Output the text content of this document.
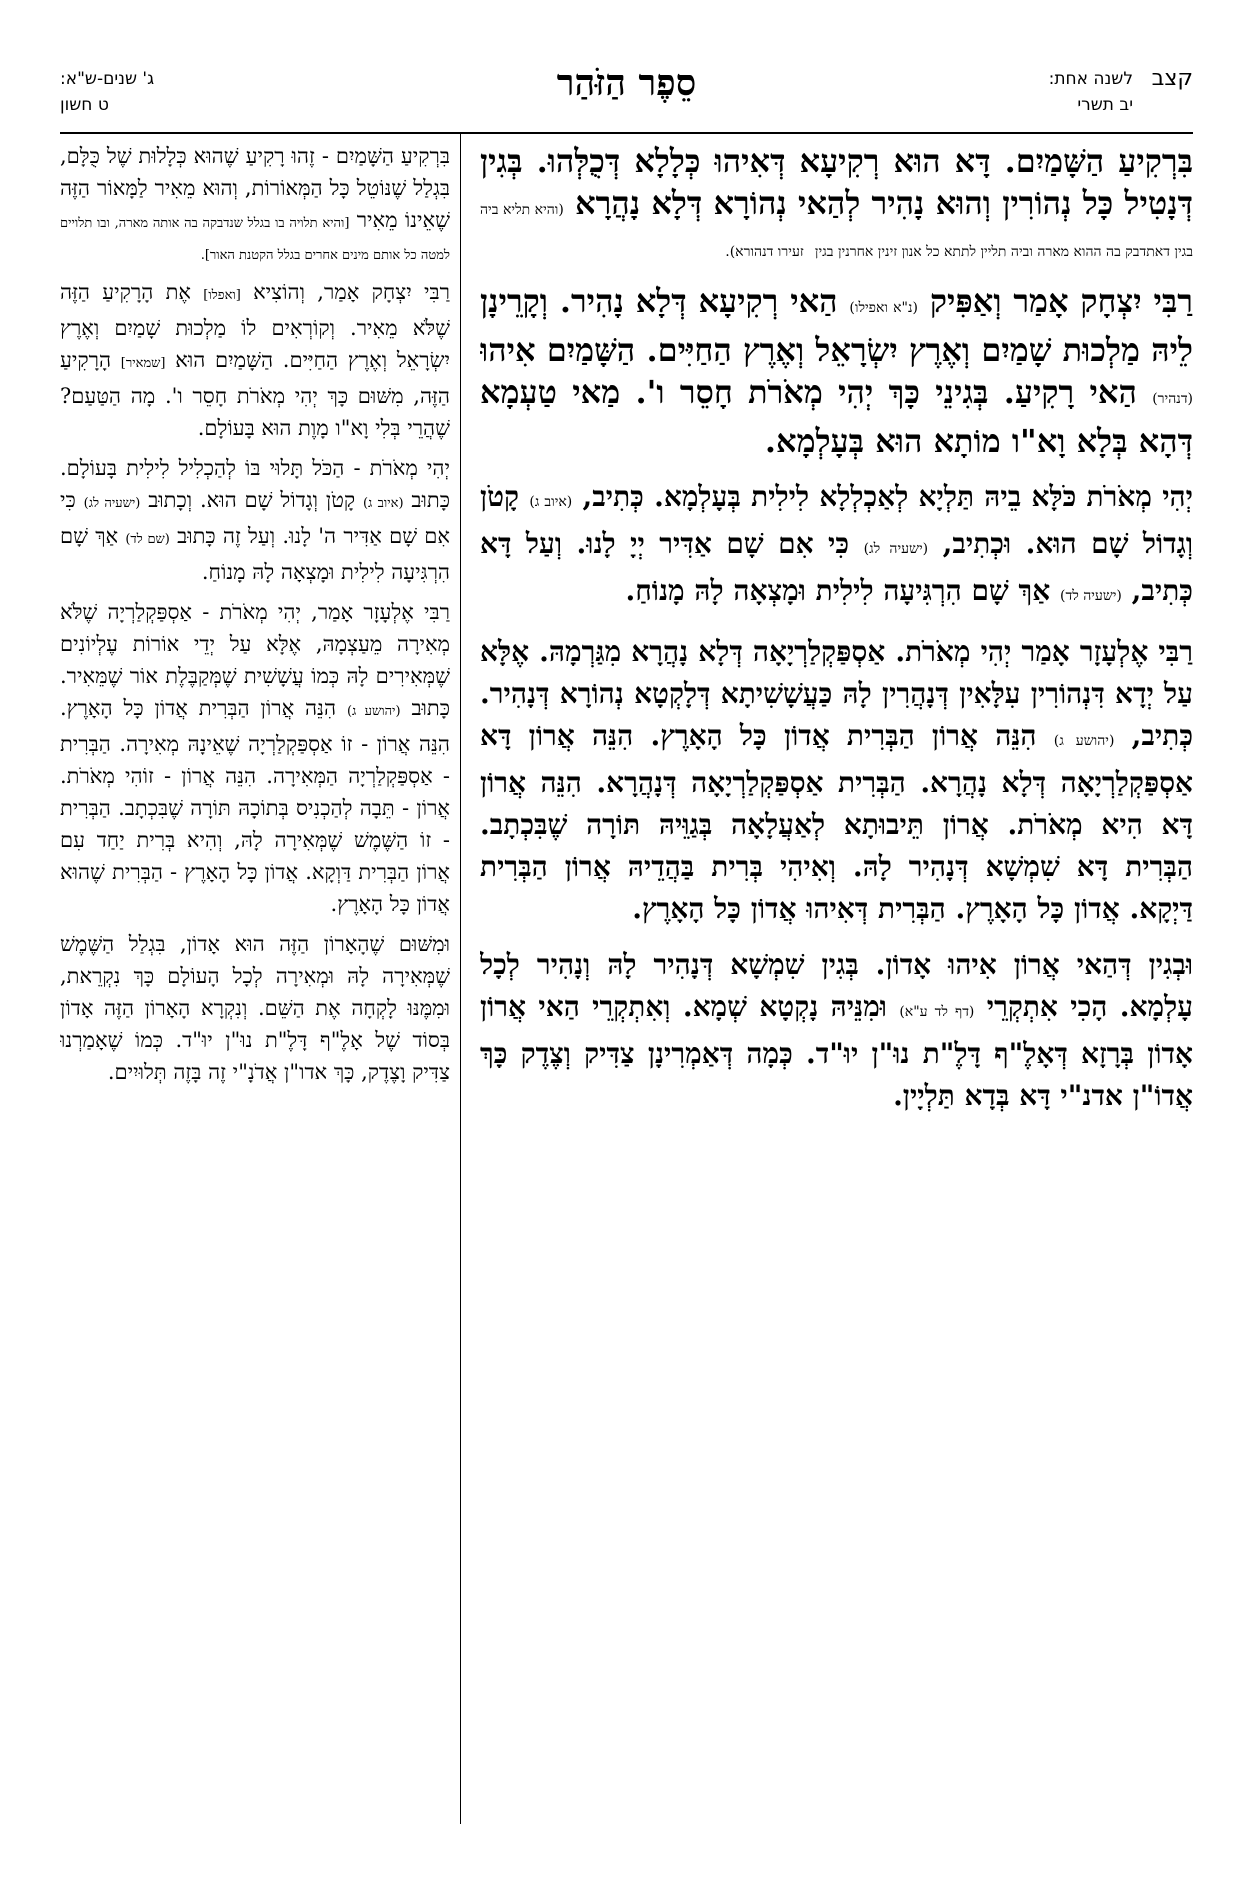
קצב
לשנה אחת:
יב תשרי
סֵפֶר הַזֹּהַר
ג' שנים-ש"א:
ט חשון

בִּרְקִיעַ הַשָּׁמַיִם. דָּא הוּא רְקִיעָא דְּאִיהוּ כְּלָלָא דְּכֻלְּהוּ. בְּגִין דְּנָטִיל כָּל נְהוֹרִין וְהוּא נָהִיר לְהַאי נְהוֹרָא דְּלָא נָהֲרָא (והיא תליא ביה בגין דאתדבק בה ההוא מארה וביה תליין לתתא כל אנון זינין אחרנין בגין זעירו דנהורא).

רַבִּי יִצְחָק אָמַר וְאַפִּיק (נ"א ואפילו) הַאי רְקִיעָא דְּלָא נָהִיר. וְקָרֵינָן לֵיהּ מַלְכוּת שָׁמַיִם וְאֶרֶץ יִשְׂרָאֵל וְאֶרֶץ הַחַיִּים. הַשָּׁמַיִם אִיהוּ (דנהיר) הַאי רָקִיעַ. בְּגִינֵי כָּךְ יְהִי מְאֹרֹת חָסֵר ו'. מַאי טַעְמָא דְּהָא בְּלָא וָא"ו מוֹתָא הוּא בְּעָלְמָא.

יְהִי מְאֹרֹת כֹּלָּא בֵיהּ תַּלְיָא לְאַכְלְלָא לִילִית בְּעָלְמָא. כְּתִיב, (איוב ג) קָטֹן וְגָדוֹל שָׁם הוּא. וּכְתִיב, (ישעיה לג) כִּי אִם שָׁם אַדִּיר יְיָ לָנוּ. וְעַל דָּא כְּתִיב, (ישעיה לד) אַךְ שָׁם הִרְגִּיעָה לִילִית וּמָצְאָה לָהּ מָנוֹחַ.

רַבִּי אֶלְעָזָר אָמַר יְהִי מְאֹרֹת. אַסְפַּקְלַרְיָאָה דְּלָא נָהֲרָא מִגַּרְמָהּ. אֶלָּא עַל יְדָא דִּנְהוֹרִין עִלָּאִין דְּנָהֲרִין לָהּ כַּעֲשָׁשִׁיתָא דְּלָקְטָא נְהוֹרָא דְּנָהִיר. כְּתִיב, (יהושע ג) הִנֵּה אֲרוֹן הַבְּרִית אֲדוֹן כָּל הָאָרֶץ. הִנֵּה אֲרוֹן דָּא אַסְפַּקְלַרְיָאָה דְּלָא נָהֲרָא. הַבְּרִית אַסְפַּקְלַרְיָאָה דְּנָהֲרָא. הִנֵּה אֲרוֹן דָּא הִיא מְאֹרֹת. אֲרוֹן תֵּיבוּתָא לְאַעֲלָאָה בְּגַוֵּיהּ תּוֹרָה שֶׁבִּכְתָב. הַבְּרִית דָּא שִׁמְשָׁא דְּנָהִיר לָהּ. וְאִיהִי בְּרִית בַּהֲדֵיהּ אֲרוֹן הַבְּרִית דַּיְקָא. אֲדוֹן כָּל הָאָרֶץ. הַבְּרִית דְּאִיהוּ אֲדוֹן כָּל הָאָרֶץ.

וּבְגִין דְּהַאי אֲרוֹן אִיהוּ אָדוֹן. בְּגִין שִׁמְשָׁא דְּנָהִיר לָהּ וְנָהִיר לְכָל עָלְמָא. הָכִי אִתְקְרֵי (דף לד ע"א) וּמִנֵּיהּ נָקְטָא שְׁמָא. וְאִתְקְרֵי הַאי אֲרוֹן אָדוֹן בְּרָזָא דְּאָלֶ"ף דָּלֶ"ת נוּ"ן יוּ"ד. כְּמָה דְּאַמְרִינָן צַדִּיק וְצֶדֶק כָּךְ אֲדוֹ"ן אדנ"י דָּא בְּדָא תַּלְיָין.

בִּרְקִיעַ הַשָּׁמַיִם - זֶהוּ רָקִיעַ שֶׁהוּא כְּלָלוּת שֶׁל כֻּלָּם, בִּגְלַל שֶׁנּוֹטֵל כָּל הַמְּאוֹרוֹת, וְהוּא מֵאִיר לַמָּאוֹר הַזֶּה שֶׁאֵינוֹ מֵאִיר [והיא תלויה בו בגלל שנדבקה בה אותה מארה, ובו תלויים למטה כל אותם מינים אחרים בגלל הקטנת האור].

רַבִּי יִצְחָק אָמַר, וְהוֹצִיא [ואפלו] אֶת הָרָקִיעַ הַזֶּה שֶׁלֹּא מֵאִיר. וְקוֹרְאִים לוֹ מַלְכוּת שָׁמַיִם וְאֶרֶץ יִשְׂרָאֵל וְאֶרֶץ הַחַיִּים. הַשָּׁמַיִם הוּא [שמאיר] הָרָקִיעַ הַזֶּה, מִשּׁוּם כָּךְ יְהִי מְאֹרֹת חָסֵר ו'. מָה הַטַּעַם? שֶׁהֲרֵי בְּלִי וָא"ו מָוֶת הוּא בָּעוֹלָם.

יְהִי מְאֹרֹת - הַכֹּל תָּלוּי בּוֹ לְהַכְלִיל לִילִית בָּעוֹלָם. כָּתוּב (איוב ג) קָטֹן וְגָדוֹל שָׁם הוּא. וְכָתוּב (ישעיה לג) כִּי אִם שָׁם אַדִּיר ה' לָנוּ. וְעַל זֶה כָּתוּב (שם לד) אַךְ שָׁם הִרְגִּיעָה לִילִית וּמָצְאָה לָהּ מָנוֹחַ.

רַבִּי אֶלְעָזָר אָמַר, יְהִי מְאֹרֹת - אַסְפַּקְלַרְיָה שֶׁלֹּא מְאִירָה מֵעַצְמָהּ, אֶלָּא עַל יְדֵי אוֹרוֹת עֶלְיוֹנִים שֶׁמְּאִירִים לָהּ כְּמוֹ עֲשָׁשִׁית שֶׁמְּקַבֶּלֶת אוֹר שֶׁמֵּאִיר. כָּתוּב (יהושע ג) הִנֵּה אֲרוֹן הַבְּרִית אֲדוֹן כָּל הָאָרֶץ. הִנֵּה אֲרוֹן - זוֹ אַסְפַּקְלַרְיָה שֶׁאֵינָהּ מְאִירָה. הַבְּרִית - אַסְפַּקְלַרְיָה הַמְּאִירָה. הִנֵּה אֲרוֹן - זוֹהִי מְאֹרֹת. אֲרוֹן - תֵּבָה לְהַכְנִיס בְּתוֹכָהּ תּוֹרָה שֶׁבִּכְתָב. הַבְּרִית - זוֹ הַשֶּׁמֶשׁ שֶׁמְּאִירָה לָהּ, וְהִיא בְּרִית יַחַד עִם אֲרוֹן הַבְּרִית דַּוְקָא. אֲדוֹן כָּל הָאָרֶץ - הַבְּרִית שֶׁהוּא אֲדוֹן כָּל הָאָרֶץ.

וּמִשּׁוּם שֶׁהָאָרוֹן הַזֶּה הוּא אָדוֹן, בִּגְלַל הַשֶּׁמֶשׁ שֶׁמְּאִירָה לָהּ וּמְאִירָה לְכָל הָעוֹלָם כָּךְ נִקְרֵאת, וּמִמֶּנּוּ לָקְחָה אֶת הַשֵּׁם. וְנִקְרָא הָאָרוֹן הַזֶּה אָדוֹן בְּסוֹד שֶׁל אָלֶ"ף דָּלֶ"ת נוּ"ן יוּ"ד. כְּמוֹ שֶׁאָמַרְנוּ צַדִּיק וָצֶדֶק, כָּךְ אדו"ן אֲדֹנָ"י זֶה בָּזֶה תְּלוּיִים.
